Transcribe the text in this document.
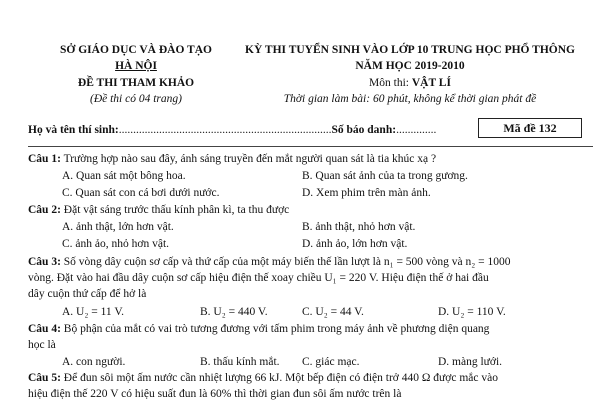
SỞ GIÁO DỤC VÀ ĐÀO TẠO
HÀ NỘI
ĐỀ THI THAM KHẢO
(Đề thi có 04 trang)
KỲ THI TUYỂN SINH VÀO LỚP 10 TRUNG HỌC PHỔ THÔNG
NĂM HỌC 2019-2010
Môn thi: VẬT LÍ
Thời gian làm bài: 60 phút, không kể thời gian phát đề
Họ và tên thí sinh:..........................................................................Số báo danh:..............	Mã đề 132
Câu 1: Trường hợp nào sau đây, ánh sáng truyền đến mắt người quan sát là tia khúc xạ ?
A. Quan sát một bông hoa.	B. Quan sát ảnh của ta trong gương.
C. Quan sát con cá bơi dưới nước.	D. Xem phim trên màn ảnh.
Câu 2: Đặt vật sáng trước thấu kính phân kì, ta thu được
A. ảnh thật, lớn hơn vật.	B. ảnh thật, nhỏ hơn vật.
C. ảnh ảo, nhỏ hơn vật.	D. ảnh ảo, lớn hơn vật.
Câu 3: Số vòng dây cuộn sơ cấp và thứ cấp của một máy biến thế lần lượt là n₁ = 500 vòng và n₂ = 1000
vòng. Đặt vào hai đầu dây cuộn sơ cấp hiệu điện thế xoay chiều U₁ = 220 V. Hiệu điện thế ở hai đầu
dây cuộn thứ cấp để hở là
A. U₂ = 11 V.	B. U₂ = 440 V.	C. U₂ = 44 V.	D. U₂ = 110 V.
Câu 4: Bộ phận của mắt có vai trò tương đương với tấm phim trong máy ảnh về phương diện quang
học là
A. con người.	B. thấu kính mắt. C. giác mạc.	D. màng lưới.
Câu 5: Để đun sôi một ấm nước cần nhiệt lượng 66 kJ. Một bếp điện có điện trở 440 Ω được mắc vào
hiệu điện thế 220 V có hiệu suất đun là 60% thì thời gian đun sôi ấm nước trên là
